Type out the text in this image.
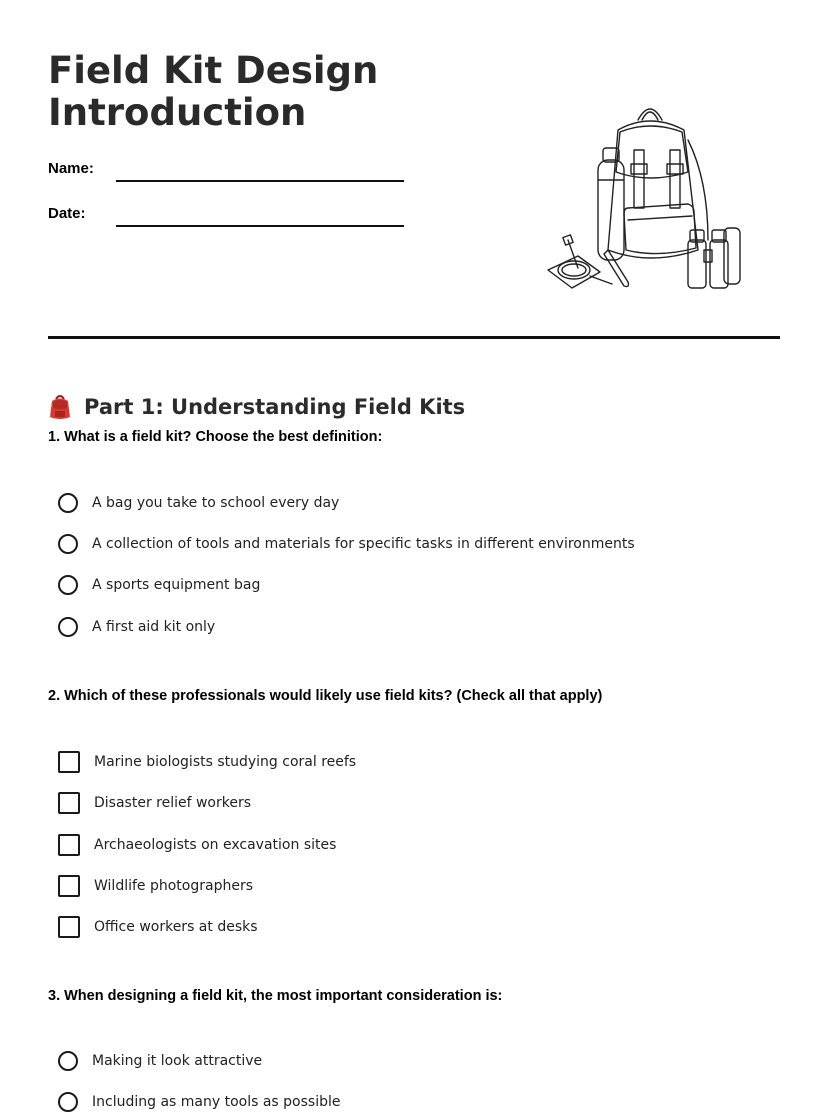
Field Kit Design
Introduction
Name:
Date:
Part 1: Understanding Field Kits
1. What is a field kit? Choose the best definition:
A bag you take to school every day
A collection of tools and materials for specific tasks in different environments
A sports equipment bag
A first aid kit only
2. Which of these professionals would likely use field kits? (Check all that apply)
Marine biologists studying coral reefs
Disaster relief workers
Archaeologists on excavation sites
Wildlife photographers
Office workers at desks
3. When designing a field kit, the most important consideration is:
Making it look attractive
Including as many tools as possible
